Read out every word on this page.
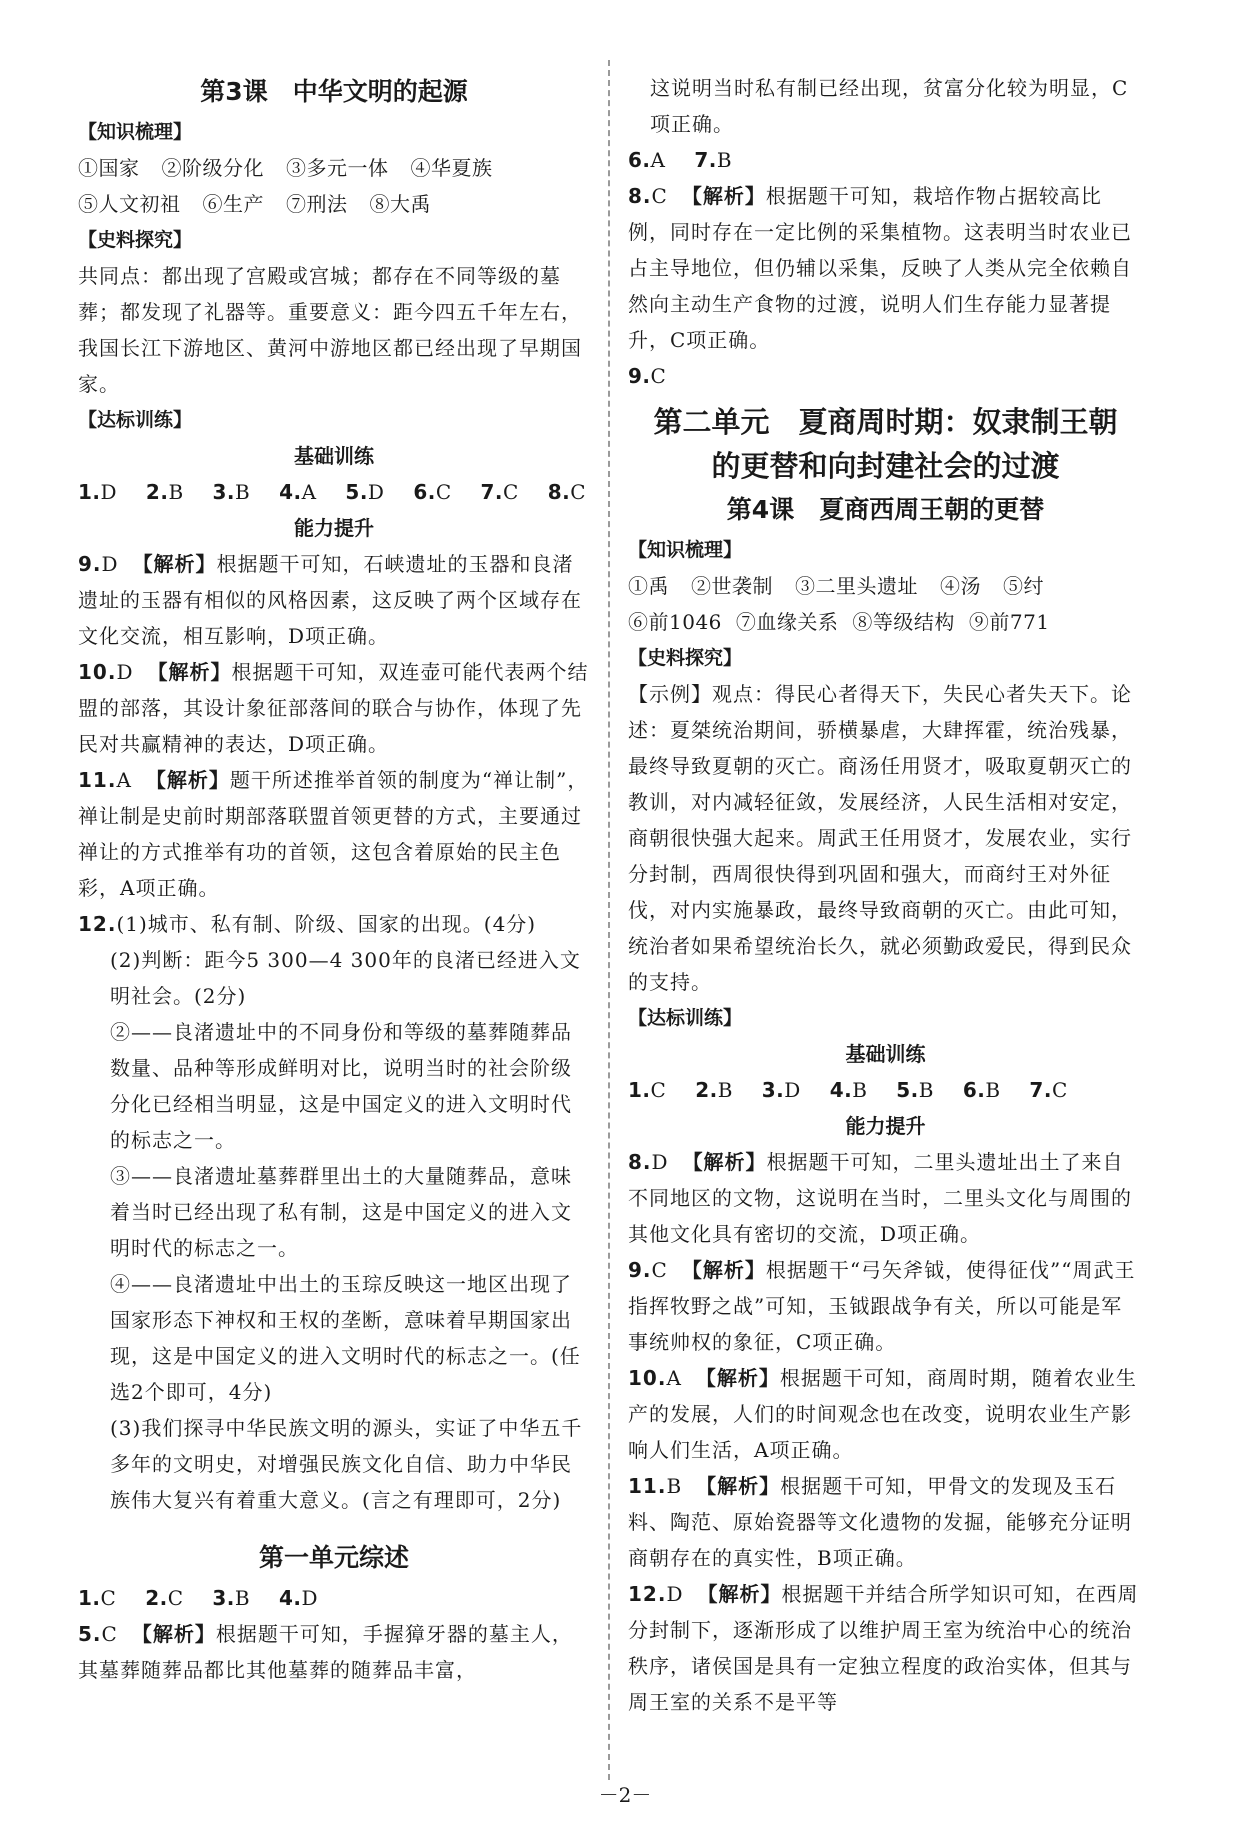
第3课　中华文明的起源
【知识梳理】
①国家 ②阶级分化 ③多元一体 ④华夏族
⑤人文初祖 ⑥生产 ⑦刑法 ⑧大禹
【史料探究】
共同点：都出现了宫殿或宫城；都存在不同等级的墓葬；都发现了礼器等。重要意义：距今四五千年左右，我国长江下游地区、黄河中游地区都已经出现了早期国家。
【达标训练】
基础训练
1.D 2.B 3.B 4.A 5.D 6.C 7.C 8.C
能力提升
9.D 【解析】根据题干可知，石峡遗址的玉器和良渚遗址的玉器有相似的风格因素，这反映了两个区域存在文化交流，相互影响，D项正确。
10.D 【解析】根据题干可知，双连壶可能代表两个结盟的部落，其设计象征部落间的联合与协作，体现了先民对共赢精神的表达，D项正确。
11.A 【解析】题干所述推举首领的制度为“禅让制”，禅让制是史前时期部落联盟首领更替的方式，主要通过禅让的方式推举有功的首领，这包含着原始的民主色彩，A项正确。
12.(1)城市、私有制、阶级、国家的出现。(4分)
(2)判断：距今5 300—4 300年的良渚已经进入文明社会。(2分)
②——良渚遗址中的不同身份和等级的墓葬随葬品数量、品种等形成鲜明对比，说明当时的社会阶级分化已经相当明显，这是中国定义的进入文明时代的标志之一。
③——良渚遗址墓葬群里出土的大量随葬品，意味着当时已经出现了私有制，这是中国定义的进入文明时代的标志之一。
④——良渚遗址中出土的玉琮反映这一地区出现了国家形态下神权和王权的垄断，意味着早期国家出现，这是中国定义的进入文明时代的标志之一。(任选2个即可，4分)
(3)我们探寻中华民族文明的源头，实证了中华五千多年的文明史，对增强民族文化自信、助力中华民族伟大复兴有着重大意义。(言之有理即可，2分)
第一单元综述
1.C 2.C 3.B 4.D
5.C 【解析】根据题干可知，手握獐牙器的墓主人，其墓葬随葬品都比其他墓葬的随葬品丰富，
这说明当时私有制已经出现，贫富分化较为明显，C项正确。
6.A 7.B
8.C 【解析】根据题干可知，栽培作物占据较高比例，同时存在一定比例的采集植物。这表明当时农业已占主导地位，但仍辅以采集，反映了人类从完全依赖自然向主动生产食物的过渡，说明人们生存能力显著提升，C项正确。
9.C
第二单元　夏商周时期：奴隶制王朝
的更替和向封建社会的过渡
第4课　夏商西周王朝的更替
【知识梳理】
①禹 ②世袭制 ③二里头遗址 ④汤 ⑤纣
⑥前1046 ⑦血缘关系 ⑧等级结构 ⑨前771
【史料探究】
【示例】观点：得民心者得天下，失民心者失天下。论述：夏桀统治期间，骄横暴虐，大肆挥霍，统治残暴，最终导致夏朝的灭亡。商汤任用贤才，吸取夏朝灭亡的教训，对内减轻征敛，发展经济，人民生活相对安定，商朝很快强大起来。周武王任用贤才，发展农业，实行分封制，西周很快得到巩固和强大，而商纣王对外征伐，对内实施暴政，最终导致商朝的灭亡。由此可知，统治者如果希望统治长久，就必须勤政爱民，得到民众的支持。
【达标训练】
基础训练
1.C 2.B 3.D 4.B 5.B 6.B 7.C
能力提升
8.D 【解析】根据题干可知，二里头遗址出土了来自不同地区的文物，这说明在当时，二里头文化与周围的其他文化具有密切的交流，D项正确。
9.C 【解析】根据题干“弓矢斧钺，使得征伐”“周武王指挥牧野之战”可知，玉钺跟战争有关，所以可能是军事统帅权的象征，C项正确。
10.A 【解析】根据题干可知，商周时期，随着农业生产的发展，人们的时间观念也在改变，说明农业生产影响人们生活，A项正确。
11.B 【解析】根据题干可知，甲骨文的发现及玉石料、陶范、原始瓷器等文化遗物的发掘，能够充分证明商朝存在的真实性，B项正确。
12.D 【解析】根据题干并结合所学知识可知，在西周分封制下，逐渐形成了以维护周王室为统治中心的统治秩序，诸侯国是具有一定独立程度的政治实体，但其与周王室的关系不是平等
－2－
